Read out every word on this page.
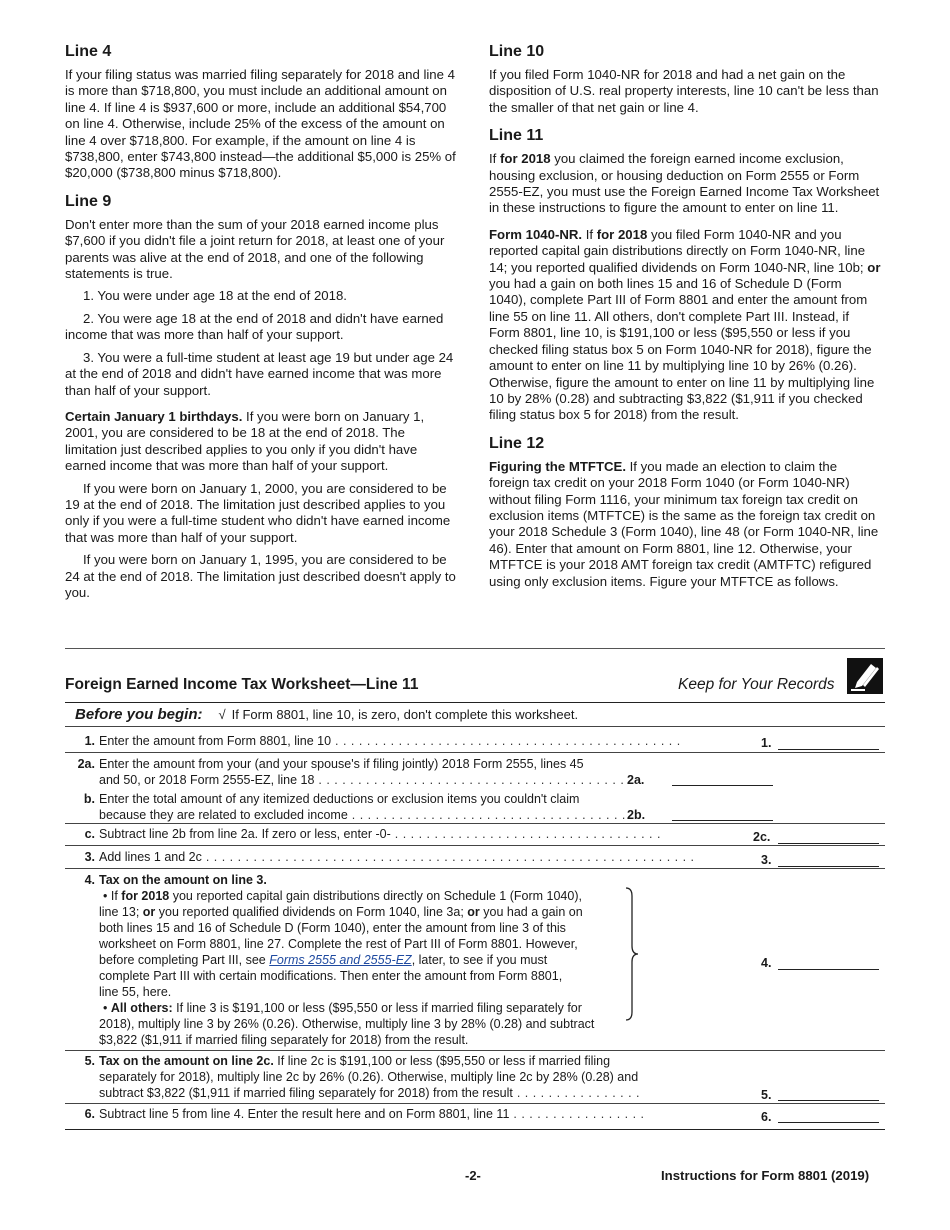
Line 4

If your filing status was married filing separately for 2018 and line 4 is more than $718,800, you must include an additional amount on line 4. If line 4 is $937,600 or more, include an additional $54,700 on line 4. Otherwise, include 25% of the excess of the amount on line 4 over $718,800. For example, if the amount on line 4 is $738,800, enter $743,800 instead—the additional $5,000 is 25% of $20,000 ($738,800 minus $718,800).

Line 9

Don't enter more than the sum of your 2018 earned income plus $7,600 if you didn't file a joint return for 2018, at least one of your parents was alive at the end of 2018, and one of the following statements is true.

1. You were under age 18 at the end of 2018.

2. You were age 18 at the end of 2018 and didn't have earned income that was more than half of your support.

3. You were a full-time student at least age 19 but under age 24 at the end of 2018 and didn't have earned income that was more than half of your support.

Certain January 1 birthdays. If you were born on January 1, 2001, you are considered to be 18 at the end of 2018. The limitation just described applies to you only if you didn't have earned income that was more than half of your support.

If you were born on January 1, 2000, you are considered to be 19 at the end of 2018. The limitation just described applies to you only if you were a full-time student who didn't have earned income that was more than half of your support.

If you were born on January 1, 1995, you are considered to be 24 at the end of 2018. The limitation just described doesn't apply to you.

Line 10

If you filed Form 1040-NR for 2018 and had a net gain on the disposition of U.S. real property interests, line 10 can't be less than the smaller of that net gain or line 4.

Line 11

If for 2018 you claimed the foreign earned income exclusion, housing exclusion, or housing deduction on Form 2555 or Form 2555-EZ, you must use the Foreign Earned Income Tax Worksheet in these instructions to figure the amount to enter on line 11.

Form 1040-NR. If for 2018 you filed Form 1040-NR and you reported capital gain distributions directly on Form 1040-NR, line 14; you reported qualified dividends on Form 1040-NR, line 10b; or you had a gain on both lines 15 and 16 of Schedule D (Form 1040), complete Part III of Form 8801 and enter the amount from line 55 on line 11. All others, don't complete Part III. Instead, if Form 8801, line 10, is $191,100 or less ($95,550 or less if you checked filing status box 5 on Form 1040-NR for 2018), figure the amount to enter on line 11 by multiplying line 10 by 26% (0.26). Otherwise, figure the amount to enter on line 11 by multiplying line 10 by 28% (0.28) and subtracting $3,822 ($1,911 if you checked filing status box 5 for 2018) from the result.

Line 12

Figuring the MTFTCE. If you made an election to claim the foreign tax credit on your 2018 Form 1040 (or Form 1040-NR) without filing Form 1116, your minimum tax foreign tax credit on exclusion items (MTFTCE) is the same as the foreign tax credit on your 2018 Schedule 3 (Form 1040), line 48 (or Form 1040-NR, line 46). Enter that amount on Form 8801, line 12. Otherwise, your MTFTCE is your 2018 AMT foreign tax credit (AMTFTC) refigured using only exclusion items. Figure your MTFTCE as follows.

Foreign Earned Income Tax Worksheet—Line 11	Keep for Your Records
Before you begin: √ If Form 8801, line 10, is zero, don't complete this worksheet.
1. Enter the amount from Form 8801, line 10 . . . . . . . . . . . . . . . . . . . . . . . . . . . . . . . . . . . . . . . . . . . .	1.
2a. Enter the amount from your (and your spouse's if filing jointly) 2018 Form 2555, lines 45
and 50, or 2018 Form 2555-EZ, line 18 . . . . . . . . . . . . . . . . . . . . . . . . . . . . . . . . . . . . . . . 2a.
b. Enter the total amount of any itemized deductions or exclusion items you couldn't claim
because they are related to excluded income . . . . . . . . . . . . . . . . . . . . . . . . . . . . . . . . . . . 2b.
c. Subtract line 2b from line 2a. If zero or less, enter -0- . . . . . . . . . . . . . . . . . . . . . . . . . . . . . . . . . .	2c.
3. Add lines 1 and 2c . . . . . . . . . . . . . . . . . . . . . . . . . . . . . . . . . . . . . . . . . . . . . . . . . . . . . . . . . . . . . .	3.
4. Tax on the amount on line 3.
• If for 2018 you reported capital gain distributions directly on Schedule 1 (Form 1040),
line 13; or you reported qualified dividends on Form 1040, line 3a; or you had a gain on
both lines 15 and 16 of Schedule D (Form 1040), enter the amount from line 3 of this
worksheet on Form 8801, line 27. Complete the rest of Part III of Form 8801. However,
before completing Part III, see Forms 2555 and 2555-EZ, later, to see if you must
complete Part III with certain modifications. Then enter the amount from Form 8801,
line 55, here.
• All others: If line 3 is $191,100 or less ($95,550 or less if married filing separately for
2018), multiply line 3 by 26% (0.26). Otherwise, multiply line 3 by 28% (0.28) and subtract
$3,822 ($1,911 if married filing separately for 2018) from the result.
4.
5. Tax on the amount on line 2c. If line 2c is $191,100 or less ($95,550 or less if married filing
separately for 2018), multiply line 2c by 26% (0.26). Otherwise, multiply line 2c by 28% (0.28) and
subtract $3,822 ($1,911 if married filing separately for 2018) from the result . . . . . . . . . . . . . . . .	5.
6. Subtract line 5 from line 4. Enter the result here and on Form 8801, line 11 . . . . . . . . . . . . . . . . .	6.
-2-	Instructions for Form 8801 (2019)
